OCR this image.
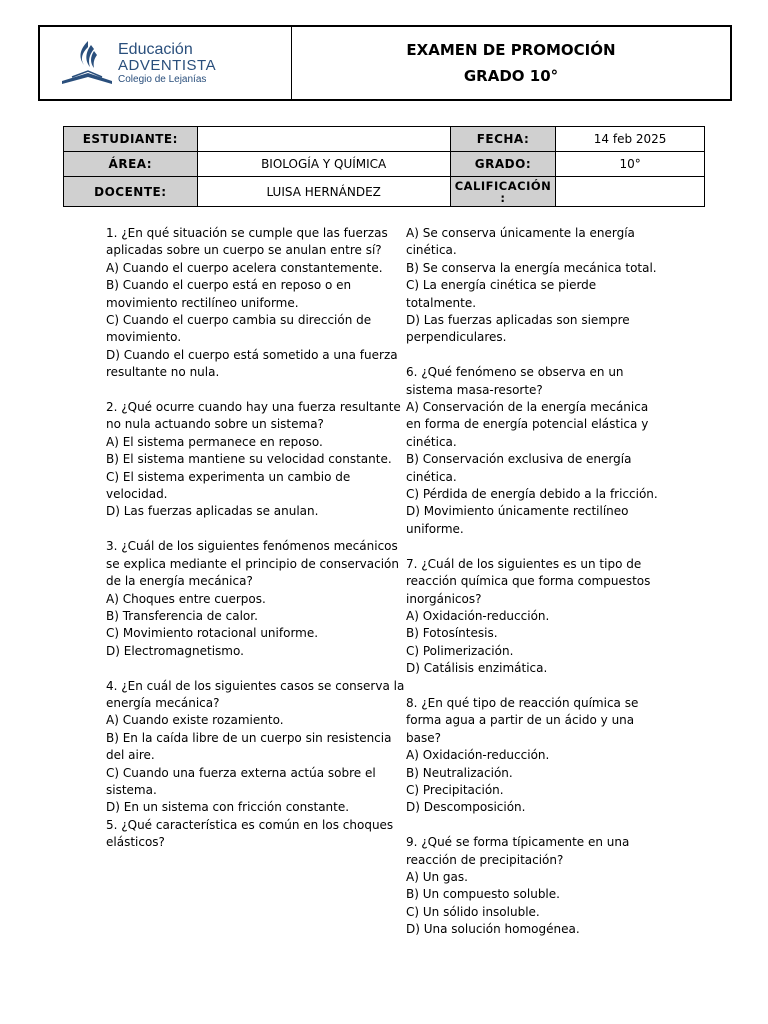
Educación
ADVENTISTA
Colegio de Lejanías
EXAMEN DE PROMOCIÓN
GRADO 10°
ESTUDIANTE:		FECHA:	14 feb 2025
ÁREA:	BIOLOGÍA Y QUÍMICA	GRADO:	10°
DOCENTE:	LUISA HERNÁNDEZ	CALIFICACIÓN
:	

1. ¿En qué situación se cumple que las fuerzas aplicadas sobre un cuerpo se anulan entre sí?

A) Cuando el cuerpo acelera constantemente.

B) Cuando el cuerpo está en reposo o en movimiento rectilíneo uniforme.

C) Cuando el cuerpo cambia su dirección de movimiento.

D) Cuando el cuerpo está sometido a una fuerza resultante no nula.

2. ¿Qué ocurre cuando hay una fuerza resultante no nula actuando sobre un sistema?

A) El sistema permanece en reposo.

B) El sistema mantiene su velocidad constante.

C) El sistema experimenta un cambio de velocidad.

D) Las fuerzas aplicadas se anulan.

3. ¿Cuál de los siguientes fenómenos mecánicos se explica mediante el principio de conservación de la energía mecánica?

A) Choques entre cuerpos.

B) Transferencia de calor.

C) Movimiento rotacional uniforme.

D) Electromagnetismo.

4. ¿En cuál de los siguientes casos se conserva la energía mecánica?

A) Cuando existe rozamiento.

B) En la caída libre de un cuerpo sin resistencia del aire.

C) Cuando una fuerza externa actúa sobre el sistema.

D) En un sistema con fricción constante.

5. ¿Qué característica es común en los choques elásticos?

A) Se conserva únicamente la energía cinética.

B) Se conserva la energía mecánica total.

C) La energía cinética se pierde totalmente.

D) Las fuerzas aplicadas son siempre perpendiculares.

6. ¿Qué fenómeno se observa en un sistema masa-resorte?

A) Conservación de la energía mecánica en forma de energía potencial elástica y cinética.

B) Conservación exclusiva de energía cinética.

C) Pérdida de energía debido a la fricción.

D) Movimiento únicamente rectilíneo uniforme.

7. ¿Cuál de los siguientes es un tipo de reacción química que forma compuestos inorgánicos?

A) Oxidación-reducción.

B) Fotosíntesis.

C) Polimerización.

D) Catálisis enzimática.

8. ¿En qué tipo de reacción química se forma agua a partir de un ácido y una base?

A) Oxidación-reducción.

B) Neutralización.

C) Precipitación.

D) Descomposición.

9. ¿Qué se forma típicamente en una reacción de precipitación?

A) Un gas.

B) Un compuesto soluble.

C) Un sólido insoluble.

D) Una solución homogénea.
